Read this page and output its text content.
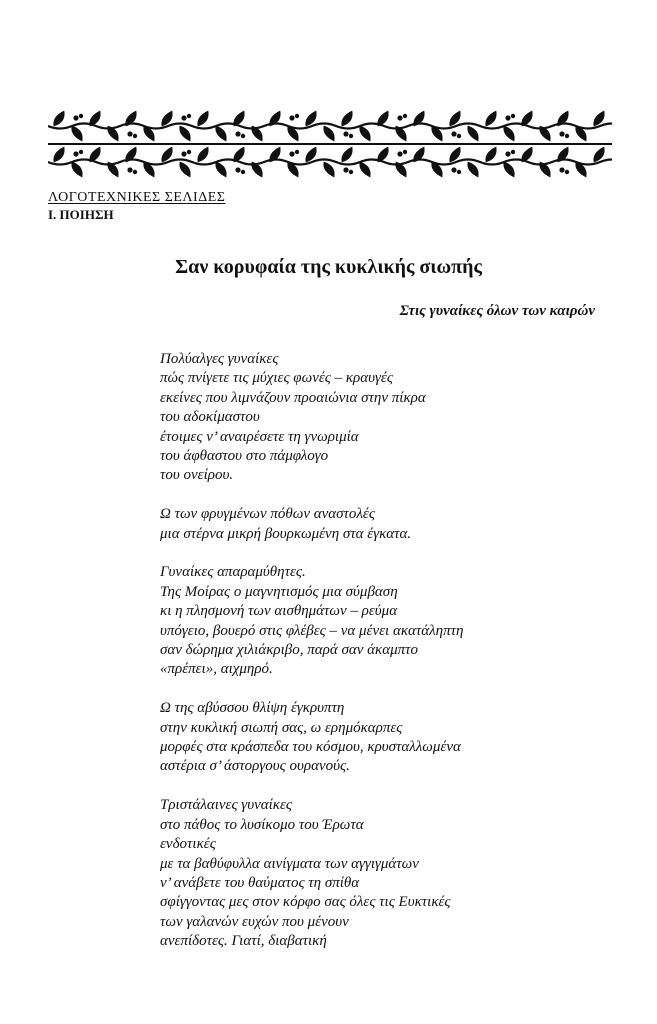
ΛΟΓΟΤΕΧΝΙΚΕΣ ΣΕΛΙΔΕΣ
Ι. ΠΟΙΗΣΗ
Σαν κορυφαία της κυκλικής σιωπής

Στις γυναίκες όλων των καιρών

Πολύαλγες γυναίκες
πώς πνίγετε τις μύχιες φωνές – κραυγές
εκείνες που λιμνάζουν προαιώνια στην πίκρα
του αδοκίμαστου
έτοιμες ν’ αναιρέσετε τη γνωριμία
του άφθαστου στο πάμφλογο
του ονείρου.
Ω των φρυγμένων πόθων αναστολές
μια στέρνα μικρή βουρκωμένη στα έγκατα.
Γυναίκες απαραμύθητες.
Της Μοίρας ο μαγνητισμός μια σύμβαση
κι η πλησμονή των αισθημάτων – ρεύμα
υπόγειο, βουερό στις φλέβες – να μένει ακατάληπτη
σαν δώρημα χιλιάκριβο, παρά σαν άκαμπτο
«πρέπει», αιχμηρό.
Ω της αβύσσου θλίψη έγκρυπτη
στην κυκλική σιωπή σας, ω ερημόκαρπες
μορφές στα κράσπεδα του κόσμου, κρυσταλλωμένα
αστέρια σ’ άστοργους ουρανούς.
Τριστάλαινες γυναίκες
στο πάθος το λυσίκομο του Έρωτα
ενδοτικές
με τα βαθύφυλλα αινίγματα των αγγιγμάτων
ν’ ανάβετε του θαύματος τη σπίθα
σφίγγοντας μες στον κόρφο σας όλες τις Ευκτικές
των γαλανών ευχών που μένουν
ανεπίδοτες. Γιατί, διαβατική
